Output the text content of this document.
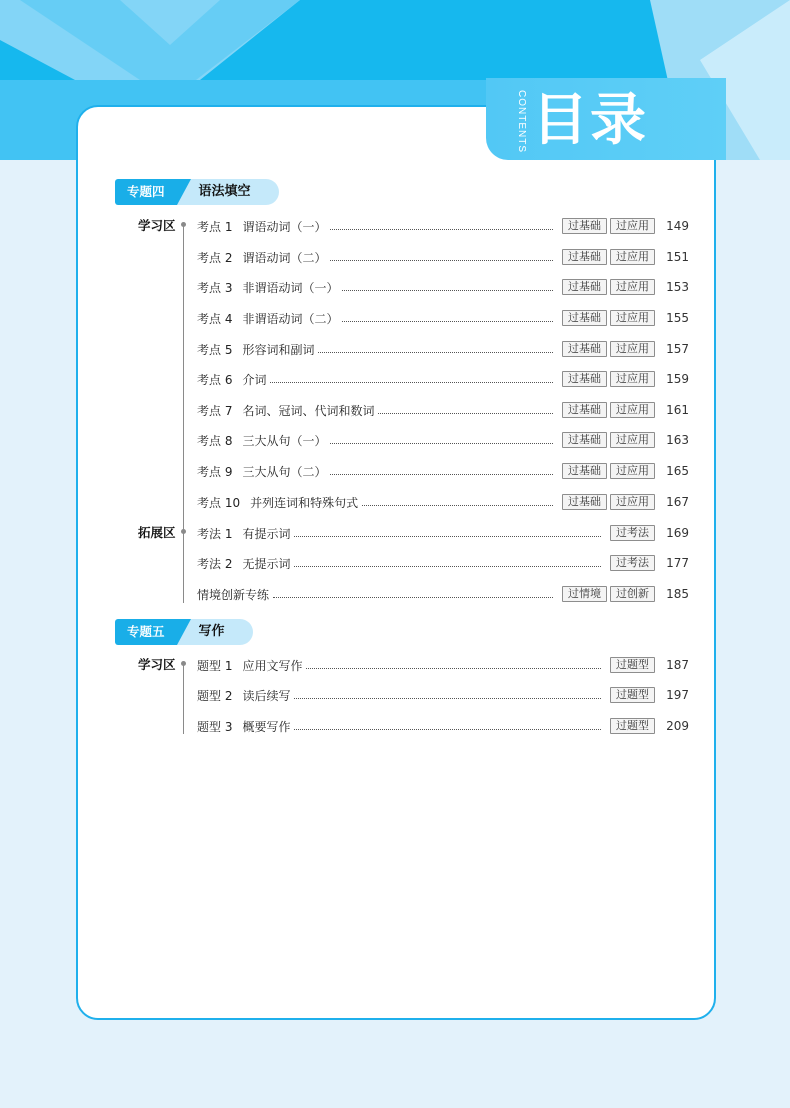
CONTENTS 目录
专题四	语法填空
学习区
拓展区
考点 1 谓语动词（一）	过基础	过应用	149
考点 2 谓语动词（二）	过基础	过应用	151
考点 3 非谓语动词（一）	过基础	过应用	153
考点 4 非谓语动词（二）	过基础	过应用	155
考点 5 形容词和副词	过基础	过应用	157
考点 6 介词	过基础	过应用	159
考点 7 名词、冠词、代词和数词	过基础	过应用	161
考点 8 三大从句（一）	过基础	过应用	163
考点 9 三大从句（二）	过基础	过应用	165
考点 10 并列连词和特殊句式	过基础	过应用	167
考法 1 有提示词	过考法	169
考法 2 无提示词	过考法	177
情境创新专练	过情境	过创新	185
专题五	写作
学习区 题型 1 应用文写作	过题型	187
题型 2 读后续写	过题型	197
题型 3 概要写作	过题型	209
